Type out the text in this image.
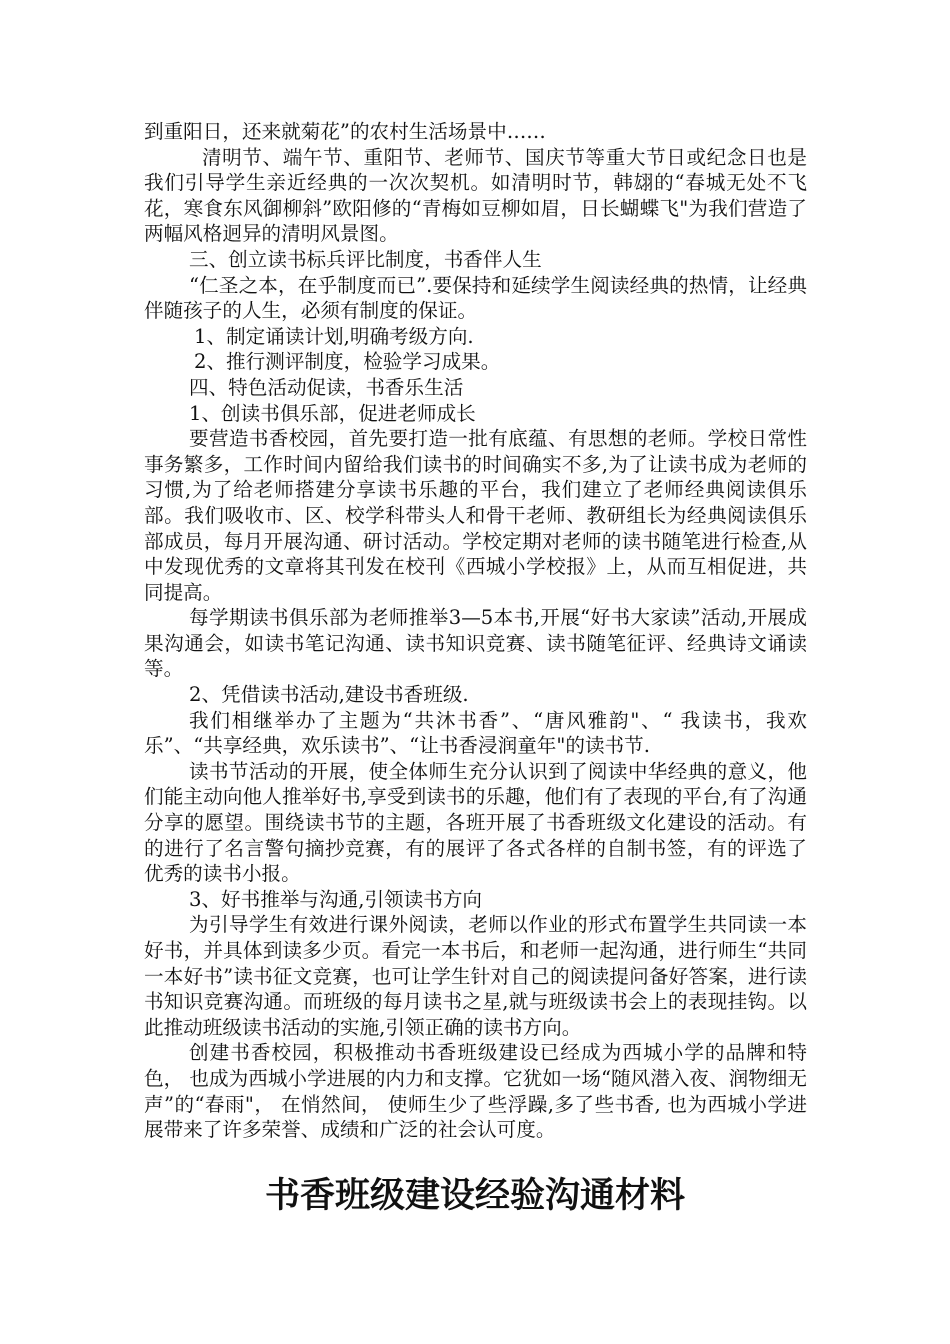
到重阳日，还来就菊花”的农村生活场景中……

清明节、端午节、重阳节、老师节、国庆节等重大节日或纪念日也是我们引导学生亲近经典的一次次契机。如清明时节，韩翃的“春城无处不飞花，寒食东风御柳斜”欧阳修的“青梅如豆柳如眉，日长蝴蝶飞"为我们营造了两幅风格迥异的清明风景图。

三、创立读书标兵评比制度，书香伴人生

“仁圣之本，在乎制度而已”.要保持和延续学生阅读经典的热情，让经典伴随孩子的人生，必须有制度的保证。

1、制定诵读计划,明确考级方向.

2、推行测评制度，检验学习成果。

四、特色活动促读，书香乐生活

1、创读书俱乐部，促进老师成长

要营造书香校园，首先要打造一批有底蕴、有思想的老师。学校日常性事务繁多，工作时间内留给我们读书的时间确实不多,为了让读书成为老师的习惯,为了给老师搭建分享读书乐趣的平台，我们建立了老师经典阅读俱乐部。我们吸收市、区、校学科带头人和骨干老师、教研组长为经典阅读俱乐部成员，每月开展沟通、研讨活动。学校定期对老师的读书随笔进行检查,从中发现优秀的文章将其刊发在校刊《西城小学校报》上，从而互相促进，共同提高。

每学期读书俱乐部为老师推举3—5本书,开展“好书大家读”活动,开展成果沟通会，如读书笔记沟通、读书知识竞赛、读书随笔征评、经典诗文诵读等。

2、凭借读书活动,建设书香班级.

我们相继举办了主题为“共沐书香”、“唐风雅韵"、“ 我读书，我欢乐”、“共享经典，欢乐读书”、“让书香浸润童年"的读书节.

读书节活动的开展，使全体师生充分认识到了阅读中华经典的意义，他们能主动向他人推举好书,享受到读书的乐趣，他们有了表现的平台,有了沟通分享的愿望。围绕读书节的主题，各班开展了书香班级文化建设的活动。有的进行了名言警句摘抄竞赛，有的展评了各式各样的自制书签，有的评选了优秀的读书小报。

3、好书推举与沟通,引领读书方向

为引导学生有效进行课外阅读，老师以作业的形式布置学生共同读一本好书，并具体到读多少页。看完一本书后，和老师一起沟通，进行师生“共同一本好书”读书征文竞赛，也可让学生针对自己的阅读提问备好答案，进行读书知识竞赛沟通。而班级的每月读书之星,就与班级读书会上的表现挂钩。以此推动班级读书活动的实施,引领正确的读书方向。

创建书香校园，积极推动书香班级建设已经成为西城小学的品牌和特色， 也成为西城小学进展的内力和支撑。它犹如一场“随风潜入夜、润物细无声”的“春雨"， 在悄然间， 使师生少了些浮躁,多了些书香, 也为西城小学进展带来了许多荣誉、成绩和广泛的社会认可度。

书香班级建设经验沟通材料
